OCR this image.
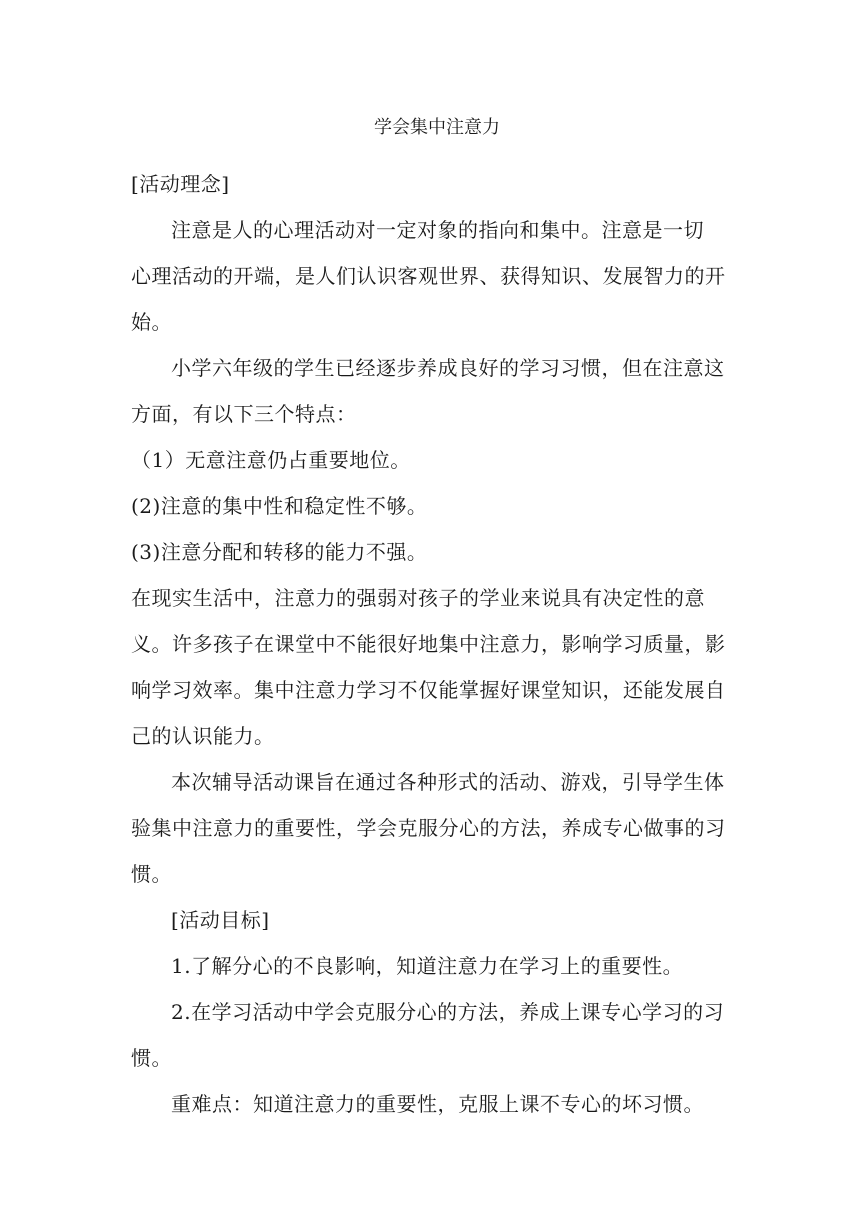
学会集中注意力

[活动理念]

注意是人的心理活动对一定对象的指向和集中。注意是一切

心理活动的开端，是人们认识客观世界、获得知识、发展智力的开始。

小学六年级的学生已经逐步养成良好的学习习惯，但在注意这方面，有以下三个特点：

（1）无意注意仍占重要地位。

(2)注意的集中性和稳定性不够。

(3)注意分配和转移的能力不强。

在现实生活中，注意力的强弱对孩子的学业来说具有决定性的意义。许多孩子在课堂中不能很好地集中注意力，影响学习质量，影响学习效率。集中注意力学习不仅能掌握好课堂知识，还能发展自己的认识能力。

本次辅导活动课旨在通过各种形式的活动、游戏，引导学生体验集中注意力的重要性，学会克服分心的方法，养成专心做事的习惯。

[活动目标]

1.了解分心的不良影响，知道注意力在学习上的重要性。

2.在学习活动中学会克服分心的方法，养成上课专心学习的习惯。

重难点：知道注意力的重要性，克服上课不专心的坏习惯。
